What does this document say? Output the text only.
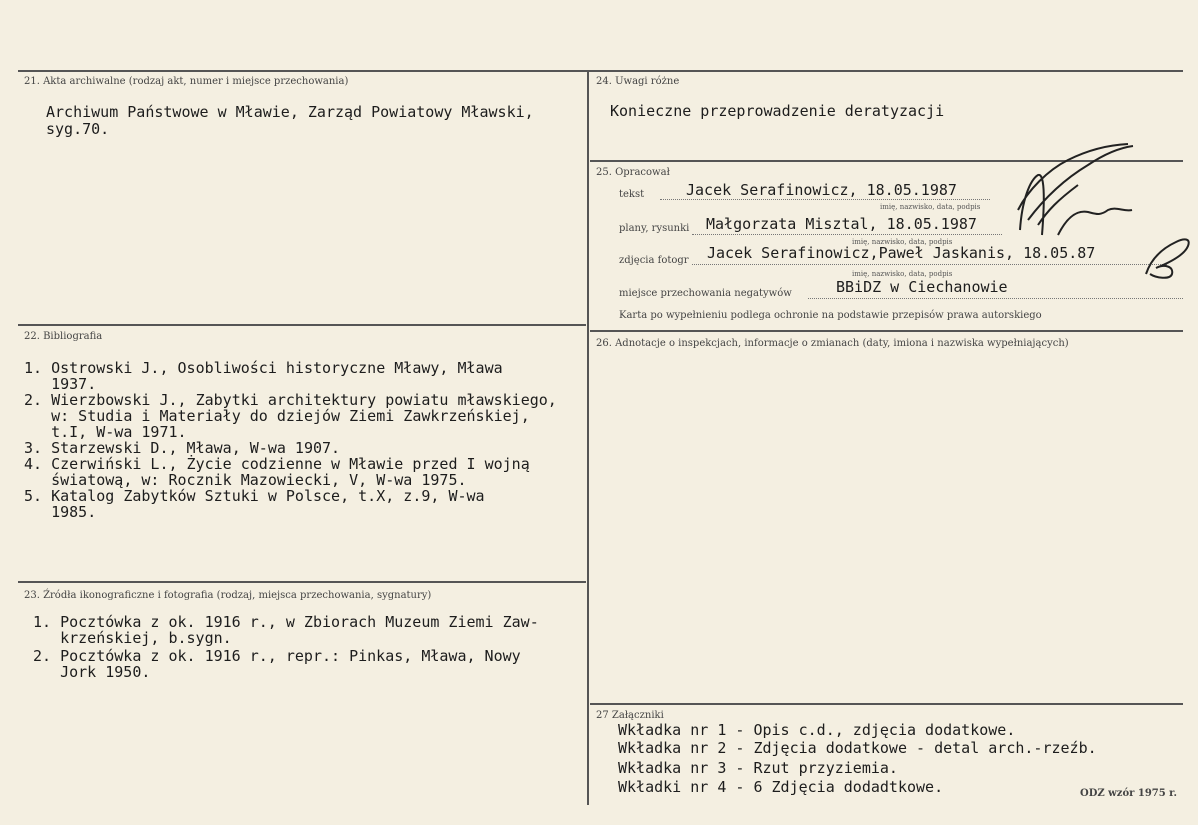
21. Akta archiwalne (rodzaj akt, numer i miejsce przechowania)
Archiwum Państwowe w Mławie, Zarząd Powiatowy Mławski,
syg.70.
22. Bibliografia
1. Ostrowski J., Osobliwości historyczne Mławy, Mława
1937.
2. Wierzbowski J., Zabytki architektury powiatu mławskiego,
w: Studia i Materiały do dziejów Ziemi Zawkrzeńskiej,
t.I, W-wa 1971.
3. Starzewski D., Mława, W-wa 1907.
4. Czerwiński L., Życie codzienne w Mławie przed I wojną
światową, w: Rocznik Mazowiecki, V, W-wa 1975.
5. Katalog Zabytków Sztuki w Polsce, t.X, z.9, W-wa
1985.
23. Źródła ikonograficzne i fotografia (rodzaj, miejsca przechowania, sygnatury)
1. Pocztówka z ok. 1916 r., w Zbiorach Muzeum Ziemi Zaw-
krzeńskiej, b.sygn.
2. Pocztówka z ok. 1916 r., repr.: Pinkas, Mława, Nowy
Jork 1950.
24. Uwagi różne
Konieczne przeprowadzenie deratyzacji
25. Opracował
tekst	Jacek Serafinowicz, 18.05.1987
imię, nazwisko, data, podpis
plany, rysunki Małgorzata Misztal, 18.05.1987
imię, nazwisko, data, podpis
zdjęcia fotogr Jacek Serafinowicz,Paweł Jaskanis, 18.05.87
imię, nazwisko, data, podpis
miejsce przechowania negatywów	BBiDZ w Ciechanowie
Karta po wypełnieniu podlega ochronie na podstawie przepisów prawa autorskiego
26. Adnotacje o inspekcjach, informacje o zmianach (daty, imiona i nazwiska wypełniających)
27 Załączniki
Wkładka nr 1 - Opis c.d., zdjęcia dodatkowe.
Wkładka nr 2 - Zdjęcia dodatkowe - detal arch.-rzeźb.
Wkładka nr 3 - Rzut przyziemia.
Wkładki nr 4 - 6 Zdjęcia dodadtkowe.	ODZ wzór 1975 r.
